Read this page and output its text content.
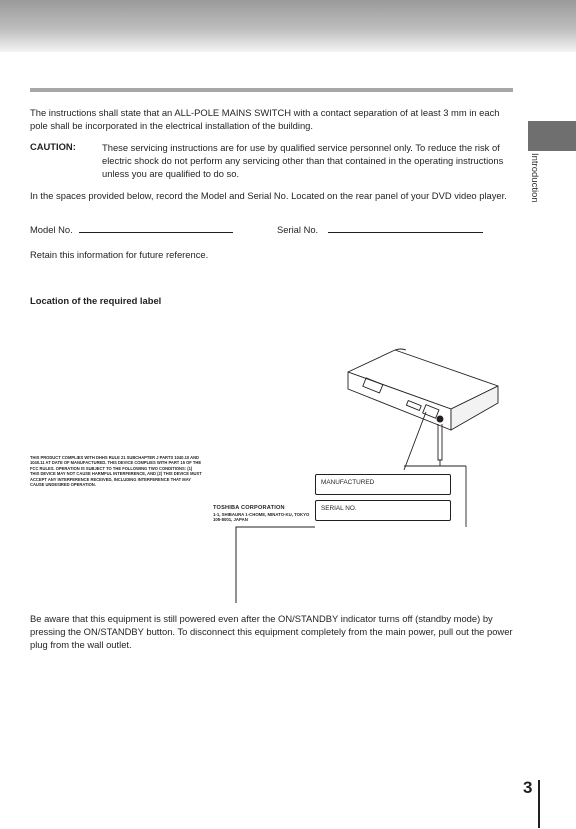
Introduction

The instructions shall state that an ALL-POLE MAINS SWITCH with a contact separation of at least 3 mm in each pole shall be incorporated in the electrical installation of the building.

CAUTION:	These servicing instructions are for use by qualified service personnel only. To reduce the risk of electric shock do not perform any servicing other than that contained in the operating instructions unless you are qualified to do so.

In the spaces provided below, record the Model and Serial No. Located on the rear panel of your DVD video player.

Model No.	Serial No.

Retain this information for future reference.

Location of the required label

THIS PRODUCT COMPLIES WITH DHHS RULE 21 SUBCHAPTER J PARTS 1040.10 AND 1040.11 AT DATE OF MANUFACTURED. THIS DEVICE COMPLIES WITH PART 15 OF THE FCC RULES. OPERATION IS SUBJECT TO THE FOLLOWING TWO CONDITIONS: (1) THIS DEVICE MAY NOT CAUSE HARMFUL INTERFERENCE, AND (2) THIS DEVICE MUST ACCEPT ANY INTERFERENCE RECEIVED, INCLUDING INTERFERENCE THAT MAY CAUSE UNDESIRED OPERATION.

TOSHIBA CORPORATION

1-1, SHIBAURA 1-CHOME, MINATO-KU, TOKYO 105-8001, JAPAN

MANUFACTURED
SERIAL NO.

Be aware that this equipment is still powered even after the ON/STANDBY indicator turns off (standby mode) by pressing the ON/STANDBY button. To disconnect this equipment completely from the main power, pull out the power plug from the wall outlet.

3
